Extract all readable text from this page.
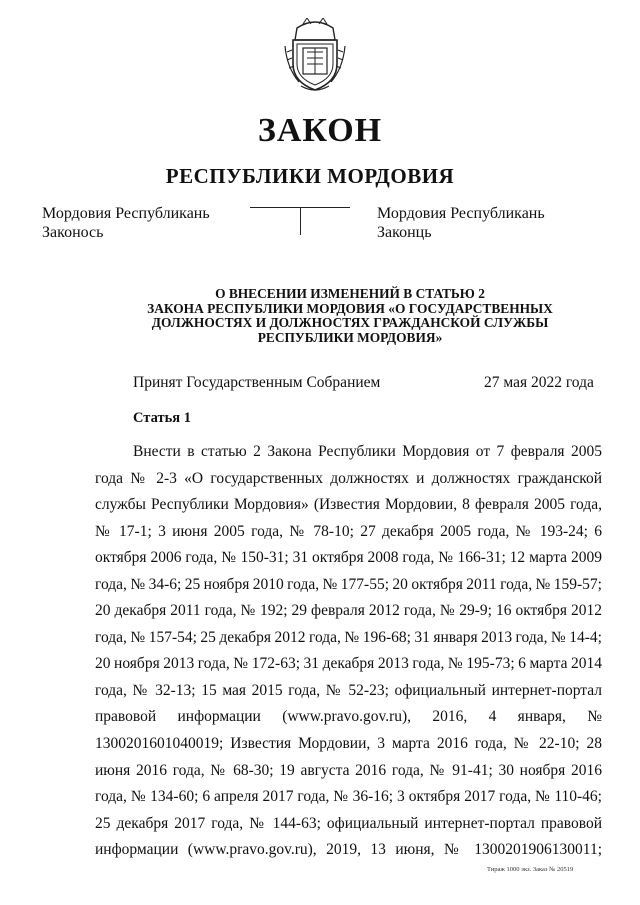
ЗАКОН
РЕСПУБЛИКИ МОРДОВИЯ
Мордовия Республикань
Законось
Мордовия Республикань
Законць
О ВНЕСЕНИИ ИЗМЕНЕНИЙ В СТАТЬЮ 2
ЗАКОНА РЕСПУБЛИКИ МОРДОВИЯ «О ГОСУДАРСТВЕННЫХ
ДОЛЖНОСТЯХ И ДОЛЖНОСТЯХ ГРАЖДАНСКОЙ СЛУЖБЫ
РЕСПУБЛИКИ МОРДОВИЯ»
Принят Государственным Собранием	27 мая 2022 года
Статья 1
Внести в статью 2 Закона Республики Мордовия от 7 февраля 2005 года № 2-3 «О государственных должностях и должностях гражданской службы Республики Мордовия» (Известия Мордовии, 8 февраля 2005 года, № 17-1; 3 июня 2005 года, № 78-10; 27 декабря 2005 года, № 193-24; 6 октября 2006 года, № 150-31; 31 октября 2008 года, № 166-31; 12 марта 2009 года, № 34-6; 25 ноября 2010 года, № 177-55; 20 октября 2011 года, № 159-57; 20 декабря 2011 года, № 192; 29 февраля 2012 года, № 29-9; 16 октября 2012 года, № 157-54; 25 декабря 2012 года, № 196-68; 31 января 2013 года, № 14-4; 20 ноября 2013 года, № 172-63; 31 декабря 2013 года, № 195-73; 6 марта 2014 года, № 32-13; 15 мая 2015 года, № 52-23; официальный интернет-портал правовой информации (www.pravo.gov.ru), 2016, 4 января, № 1300201601040019; Известия Мордовии, 3 марта 2016 года, № 22-10; 28 июня 2016 года, № 68-30; 19 августа 2016 года, № 91-41; 30 ноября 2016 года, № 134-60; 6 апреля 2017 года, № 36-16; 3 октября 2017 года, № 110-46; 25 декабря 2017 года, № 144-63; официальный интернет-портал правовой информации (www.pravo.gov.ru), 2019, 13 июня, № 1300201906130011;
Тираж 1000 экз. Заказ № 20519
